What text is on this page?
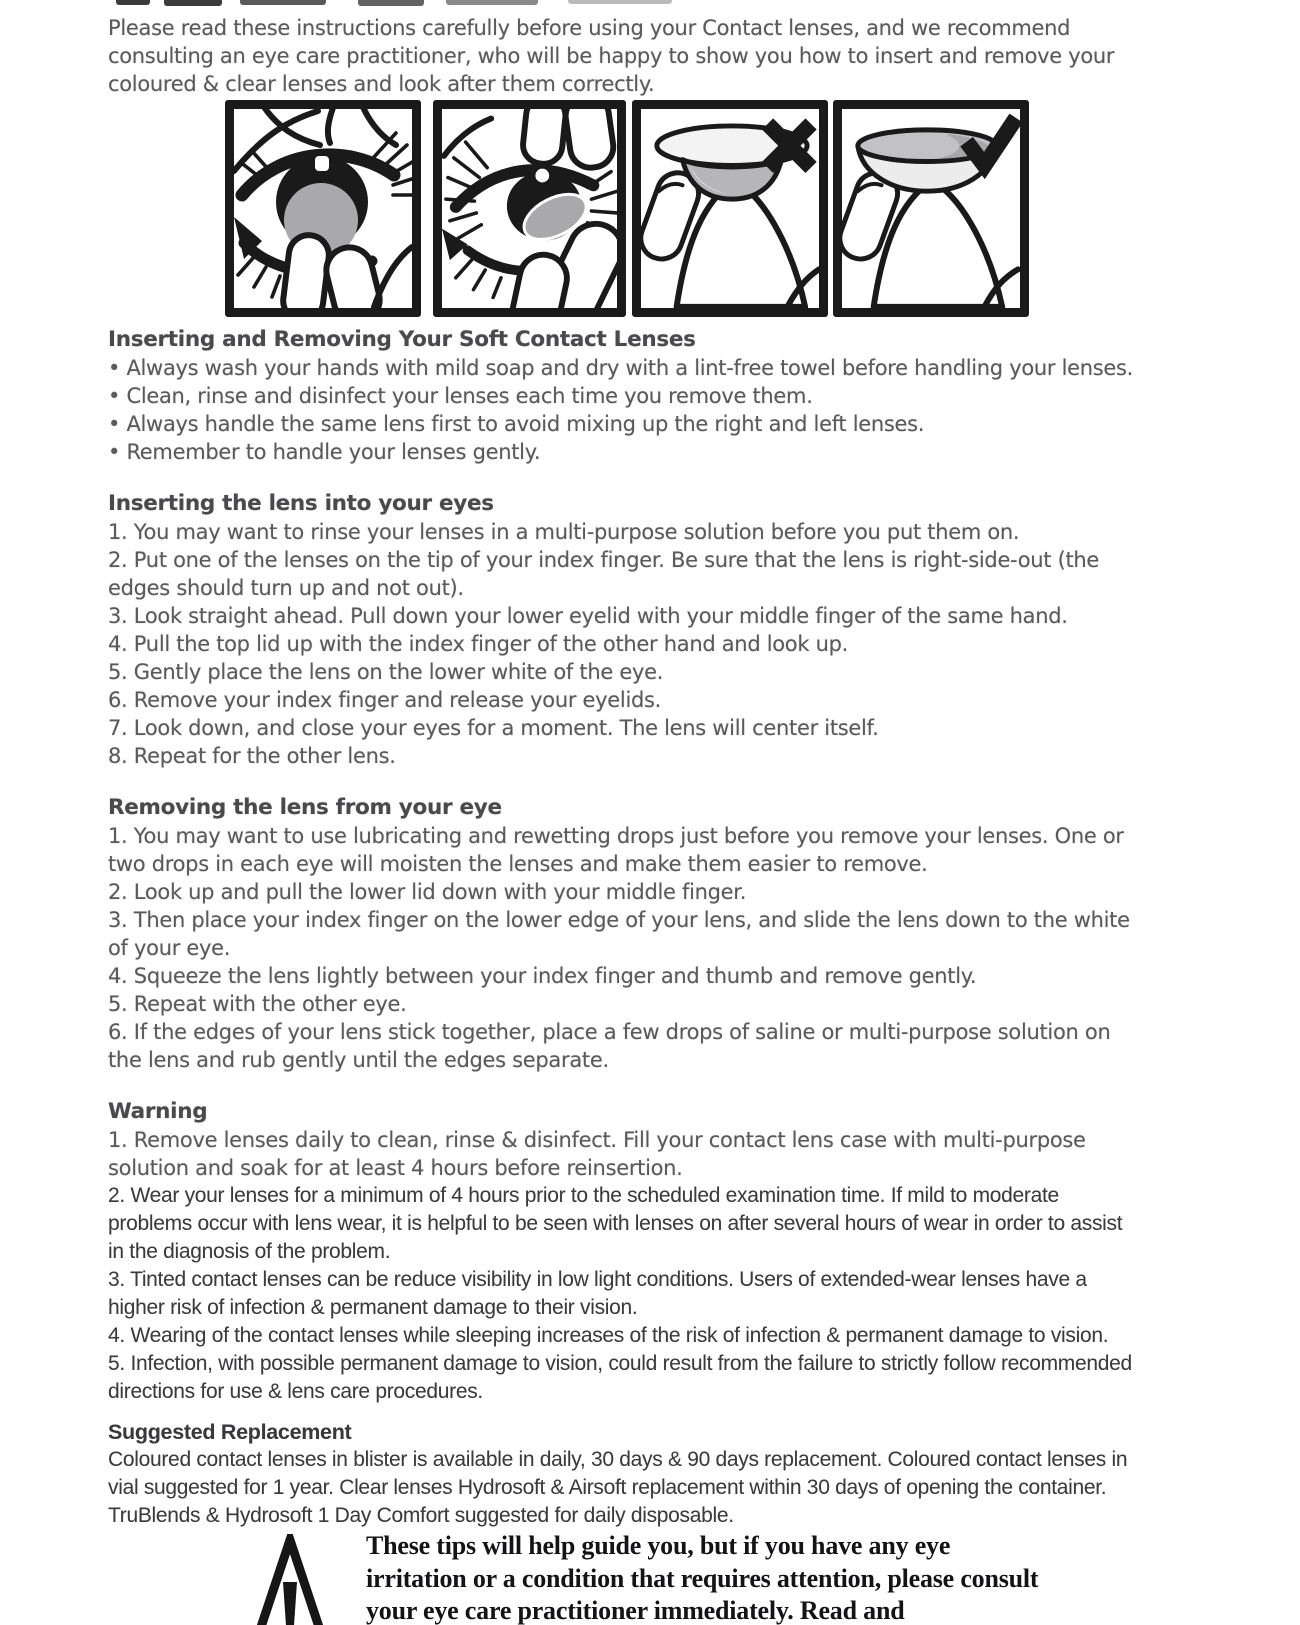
Please read these instructions carefully before using your Contact lenses, and we recommend consulting an eye care practitioner, who will be happy to show you how to insert and remove your coloured & clear lenses and look after them correctly.

Inserting and Removing Your Soft Contact Lenses

• Always wash your hands with mild soap and dry with a lint-free towel before handling your lenses.

• Clean, rinse and disinfect your lenses each time you remove them.

• Always handle the same lens first to avoid mixing up the right and left lenses.

• Remember to handle your lenses gently.

Inserting the lens into your eyes

1. You may want to rinse your lenses in a multi-purpose solution before you put them on.

2. Put one of the lenses on the tip of your index finger. Be sure that the lens is right-side-out (the edges should turn up and not out).

3. Look straight ahead. Pull down your lower eyelid with your middle finger of the same hand.

4. Pull the top lid up with the index finger of the other hand and look up.

5. Gently place the lens on the lower white of the eye.

6. Remove your index finger and release your eyelids.

7. Look down, and close your eyes for a moment. The lens will center itself.

8. Repeat for the other lens.

Removing the lens from your eye

1. You may want to use lubricating and rewetting drops just before you remove your lenses. One or two drops in each eye will moisten the lenses and make them easier to remove.

2. Look up and pull the lower lid down with your middle finger.

3. Then place your index finger on the lower edge of your lens, and slide the lens down to the white of your eye.

4. Squeeze the lens lightly between your index finger and thumb and remove gently.

5. Repeat with the other eye.

6. If the edges of your lens stick together, place a few drops of saline or multi-purpose solution on the lens and rub gently until the edges separate.

Warning

1. Remove lenses daily to clean, rinse & disinfect. Fill your contact lens case with multi-purpose solution and soak for at least 4 hours before reinsertion.

2. Wear your lenses for a minimum of 4 hours prior to the scheduled examination time. If mild to moderate problems occur with lens wear, it is helpful to be seen with lenses on after several hours of wear in order to assist in the diagnosis of the problem.

3. Tinted contact lenses can be reduce visibility in low light conditions. Users of extended-wear lenses have a higher risk of infection & permanent damage to their vision.

4. Wearing of the contact lenses while sleeping increases of the risk of infection & permanent damage to vision.

5. Infection, with possible permanent damage to vision, could result from the failure to strictly follow recommended directions for use & lens care procedures.

Suggested Replacement

Coloured contact lenses in blister is available in daily, 30 days & 90 days replacement. Coloured contact lenses in vial suggested for 1 year. Clear lenses Hydrosoft & Airsoft replacement within 30 days of opening the container. TruBlends & Hydrosoft 1 Day Comfort suggested for daily disposable.

These tips will help guide you, but if you have any eye irritation or a condition that requires attention, please consult your eye care practitioner immediately. Read and
